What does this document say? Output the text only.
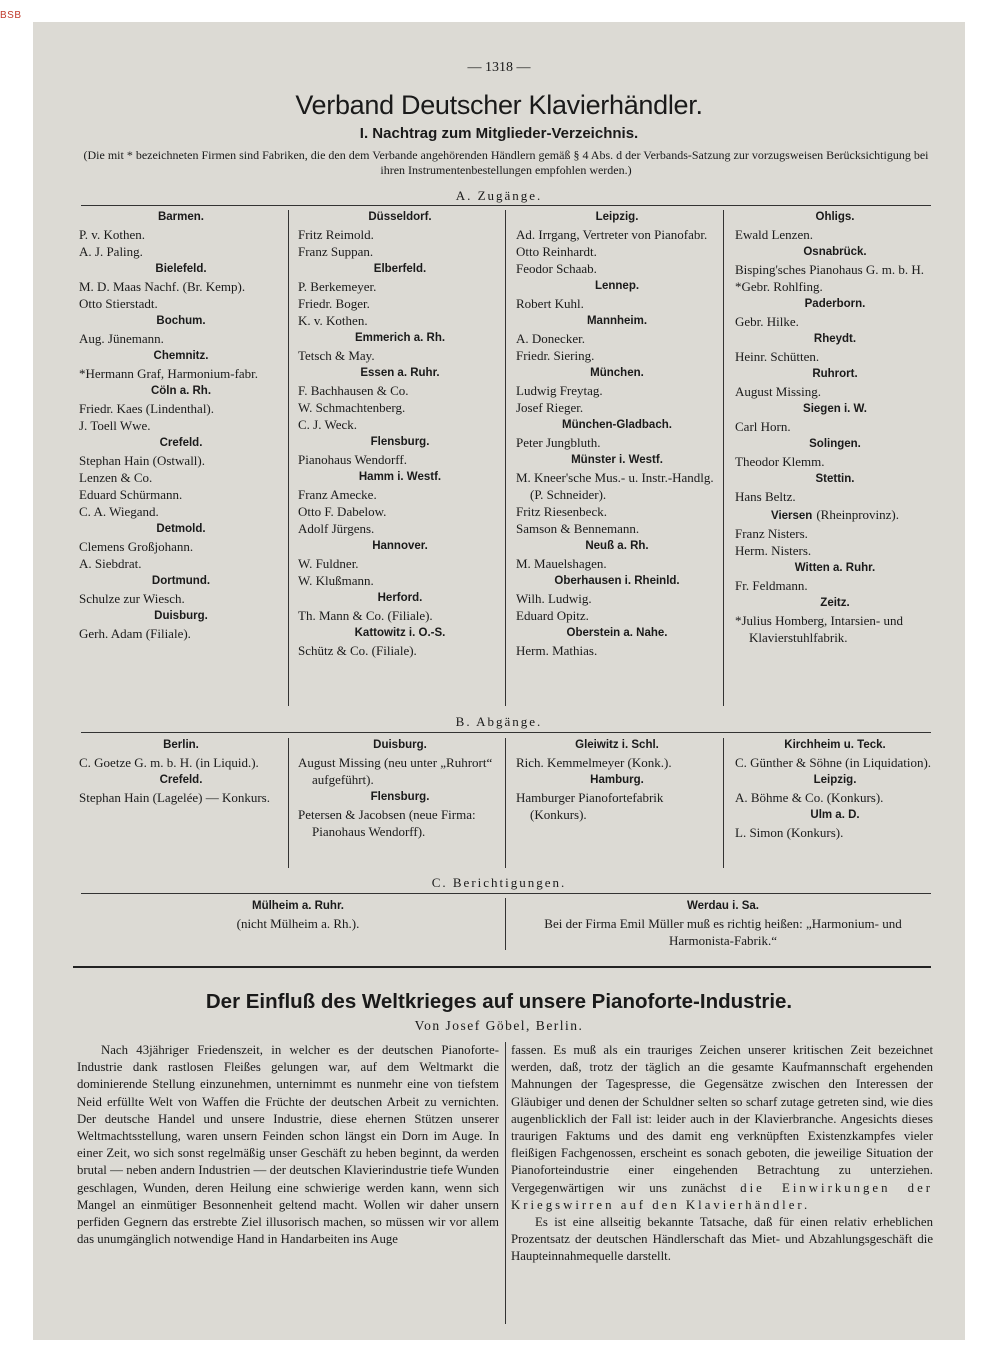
BSB
— 1318 —
Verband Deutscher Klavierhändler.
I. Nachtrag zum Mitglieder-Verzeichnis.
(Die mit * bezeichneten Firmen sind Fabriken, die den dem Verbande angehörenden Händlern gemäß § 4 Abs. d der Verbands-Satzung zur vorzugsweisen Berücksichtigung bei ihren Instrumentenbestellungen empfohlen werden.)
A. Zugänge.
Barmen.
P. v. Kothen.
A. J. Paling.
Bielefeld.
M. D. Maas Nachf. (Br. Kemp).
Otto Stierstadt.
Bochum.
Aug. Jünemann.
Chemnitz.
*Hermann Graf, Harmonium-fabr.
Cöln a. Rh.
Friedr. Kaes (Lindenthal).
J. Toell Wwe.
Crefeld.
Stephan Hain (Ostwall).
Lenzen & Co.
Eduard Schürmann.
C. A. Wiegand.
Detmold.
Clemens Großjohann.
A. Siebdrat.
Dortmund.
Schulze zur Wiesch.
Duisburg.
Gerh. Adam (Filiale).
Düsseldorf.
Fritz Reimold.
Franz Suppan.
Elberfeld.
P. Berkemeyer.
Friedr. Boger.
K. v. Kothen.
Emmerich a. Rh.
Tetsch & May.
Essen a. Ruhr.
F. Bachhausen & Co.
W. Schmachtenberg.
C. J. Weck.
Flensburg.
Pianohaus Wendorff.
Hamm i. Westf.
Franz Amecke.
Otto F. Dabelow.
Adolf Jürgens.
Hannover.
W. Fuldner.
W. Klußmann.
Herford.
Th. Mann & Co. (Filiale).
Kattowitz i. O.-S.
Schütz & Co. (Filiale).
Leipzig.
Ad. Irrgang, Vertreter von Pianofabr.
Otto Reinhardt.
Feodor Schaab.
Lennep.
Robert Kuhl.
Mannheim.
A. Donecker.
Friedr. Siering.
München.
Ludwig Freytag.
Josef Rieger.
München-Gladbach.
Peter Jungbluth.
Münster i. Westf.
M. Kneer'sche Mus.- u. Instr.-Handlg. (P. Schneider).
Fritz Riesenbeck.
Samson & Bennemann.
Neuß a. Rh.
M. Mauelshagen.
Oberhausen i. Rheinld.
Wilh. Ludwig.
Eduard Opitz.
Oberstein a. Nahe.
Herm. Mathias.
Ohligs.
Ewald Lenzen.
Osnabrück.
Bisping'sches Pianohaus G. m. b. H.
*Gebr. Rohlfing.
Paderborn.
Gebr. Hilke.
Rheydt.
Heinr. Schütten.
Ruhrort.
August Missing.
Siegen i. W.
Carl Horn.
Solingen.
Theodor Klemm.
Stettin.
Hans Beltz.
Viersen (Rheinprovinz).
Franz Nisters.
Herm. Nisters.
Witten a. Ruhr.
Fr. Feldmann.
Zeitz.
*Julius Homberg, Intarsien- und Klavierstuhlfabrik.
B. Abgänge.
Berlin.
C. Goetze G. m. b. H. (in Liquid.).
Crefeld.
Stephan Hain (Lagelée) — Konkurs.
Duisburg.
August Missing (neu unter „Ruhrort“ aufgeführt).
Flensburg.
Petersen & Jacobsen (neue Firma: Pianohaus Wendorff).
Gleiwitz i. Schl.
Rich. Kemmelmeyer (Konk.).
Hamburg.
Hamburger Pianofortefabrik (Konkurs).
Kirchheim u. Teck.
C. Günther & Söhne (in Liquidation).
Leipzig.
A. Böhme & Co. (Konkurs).
Ulm a. D.
L. Simon (Konkurs).
C. Berichtigungen.
Mülheim a. Ruhr.
(nicht Mülheim a. Rh.).
Werdau i. Sa.
Bei der Firma Emil Müller muß es richtig heißen: „Harmonium- und Harmonista-Fabrik.“
Der Einfluß des Weltkrieges auf unsere Pianoforte-Industrie.
Von Josef Göbel, Berlin.

Nach 43jähriger Friedenszeit, in welcher es der deutschen Pianoforte-Industrie dank rastlosen Fleißes gelungen war, auf dem Weltmarkt die dominierende Stellung einzunehmen, unternimmt es nunmehr eine von tiefstem Neid erfüllte Welt von Waffen die Früchte der deutschen Arbeit zu vernichten. Der deutsche Handel und unsere Industrie, diese ehernen Stützen unserer Weltmachtsstellung, waren unsern Feinden schon längst ein Dorn im Auge. In einer Zeit, wo sich sonst regelmäßig unser Geschäft zu heben beginnt, da werden brutal — neben andern Industrien — der deutschen Klavierindustrie tiefe Wunden geschlagen, Wunden, deren Heilung eine schwierige werden kann, wenn sich Mangel an einmütiger Besonnenheit geltend macht. Wollen wir daher unsern perfiden Gegnern das erstrebte Ziel illusorisch machen, so müssen wir vor allem das unumgänglich notwendige Hand in Handarbeiten ins Auge

fassen. Es muß als ein trauriges Zeichen unserer kritischen Zeit bezeichnet werden, daß, trotz der täglich an die gesamte Kaufmannschaft ergehenden Mahnungen der Tagespresse, die Gegensätze zwischen den Interessen der Gläubiger und denen der Schuldner selten so scharf zutage getreten sind, wie dies augenblicklich der Fall ist: leider auch in der Klavierbranche. Angesichts dieses traurigen Faktums und des damit eng verknüpften Existenzkampfes vieler fleißigen Fachgenossen, erscheint es sonach geboten, die jeweilige Situation der Pianoforteindustrie einer eingehenden Betrachtung zu unterziehen. Vergegenwärtigen wir uns zunächst die Einwirkungen der Kriegswirren auf den Klavierhändler.

Es ist eine allseitig bekannte Tatsache, daß für einen relativ erheblichen Prozentsatz der deutschen Händlerschaft das Miet- und Abzahlungsgeschäft die Haupteinnahmequelle darstellt.
